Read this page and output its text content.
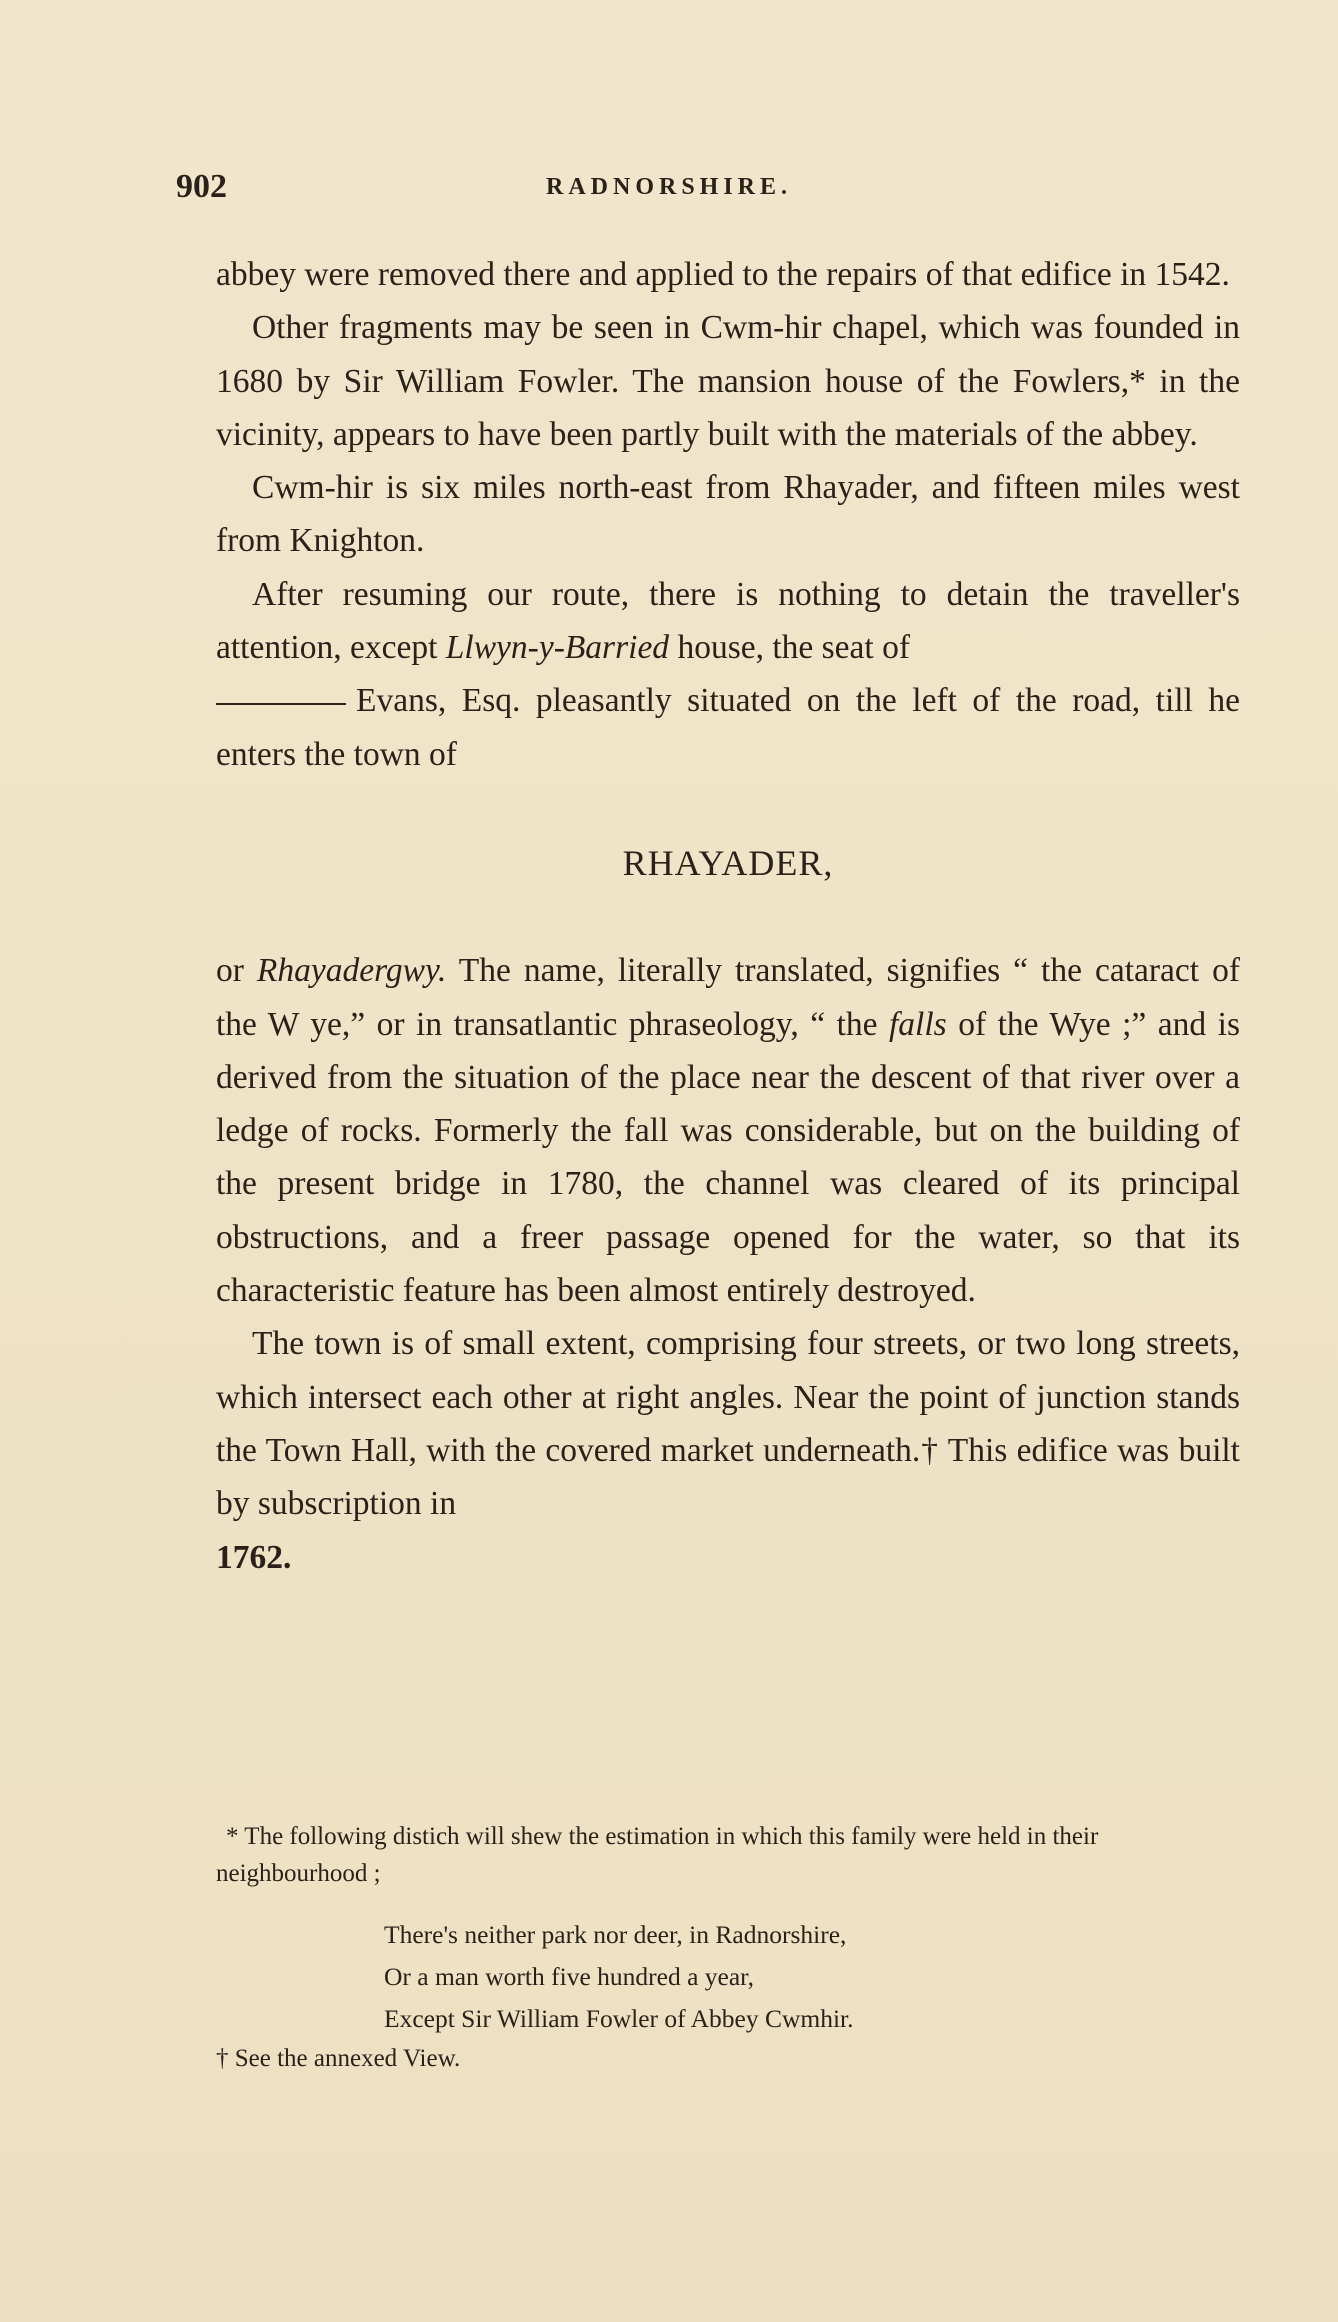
902	RADNORSHIRE.

abbey were removed there and applied to the repairs of that edifice in 1542.

Other fragments may be seen in Cwm-hir chapel, which was founded in 1680 by Sir William Fowler. The mansion house of the Fowlers,* in the vicinity, appears to have been partly built with the materials of the abbey.

Cwm-hir is six miles north-east from Rhayader, and fifteen miles west from Knighton.

After resuming our route, there is nothing to detain the traveller's attention, except Llwyn-y-Barried house, the seat of
Evans, Esq. pleasantly situated on the left of the road, till he enters the town of

RHAYADER,

or Rhayadergwy. The name, literally translated, signifies “ the cataract of the W ye,” or in transatlantic phraseology, “ the falls of the Wye ;” and is derived from the situation of the place near the descent of that river over a ledge of rocks. Formerly the fall was considerable, but on the building of the present bridge in 1780, the channel was cleared of its principal obstructions, and a freer passage opened for the water, so that its characteristic feature has been almost entirely destroyed.

The town is of small extent, comprising four streets, or two long streets, which intersect each other at right angles. Near the point of junction stands the Town Hall, with the covered market underneath.† This edifice was built by subscription in

1762.

* The following distich will shew the estimation in which this family were held in their neighbourhood ;

There's neither park nor deer, in Radnorshire,

Or a man worth five hundred a year,

Except Sir William Fowler of Abbey Cwmhir.

† See the annexed View.
